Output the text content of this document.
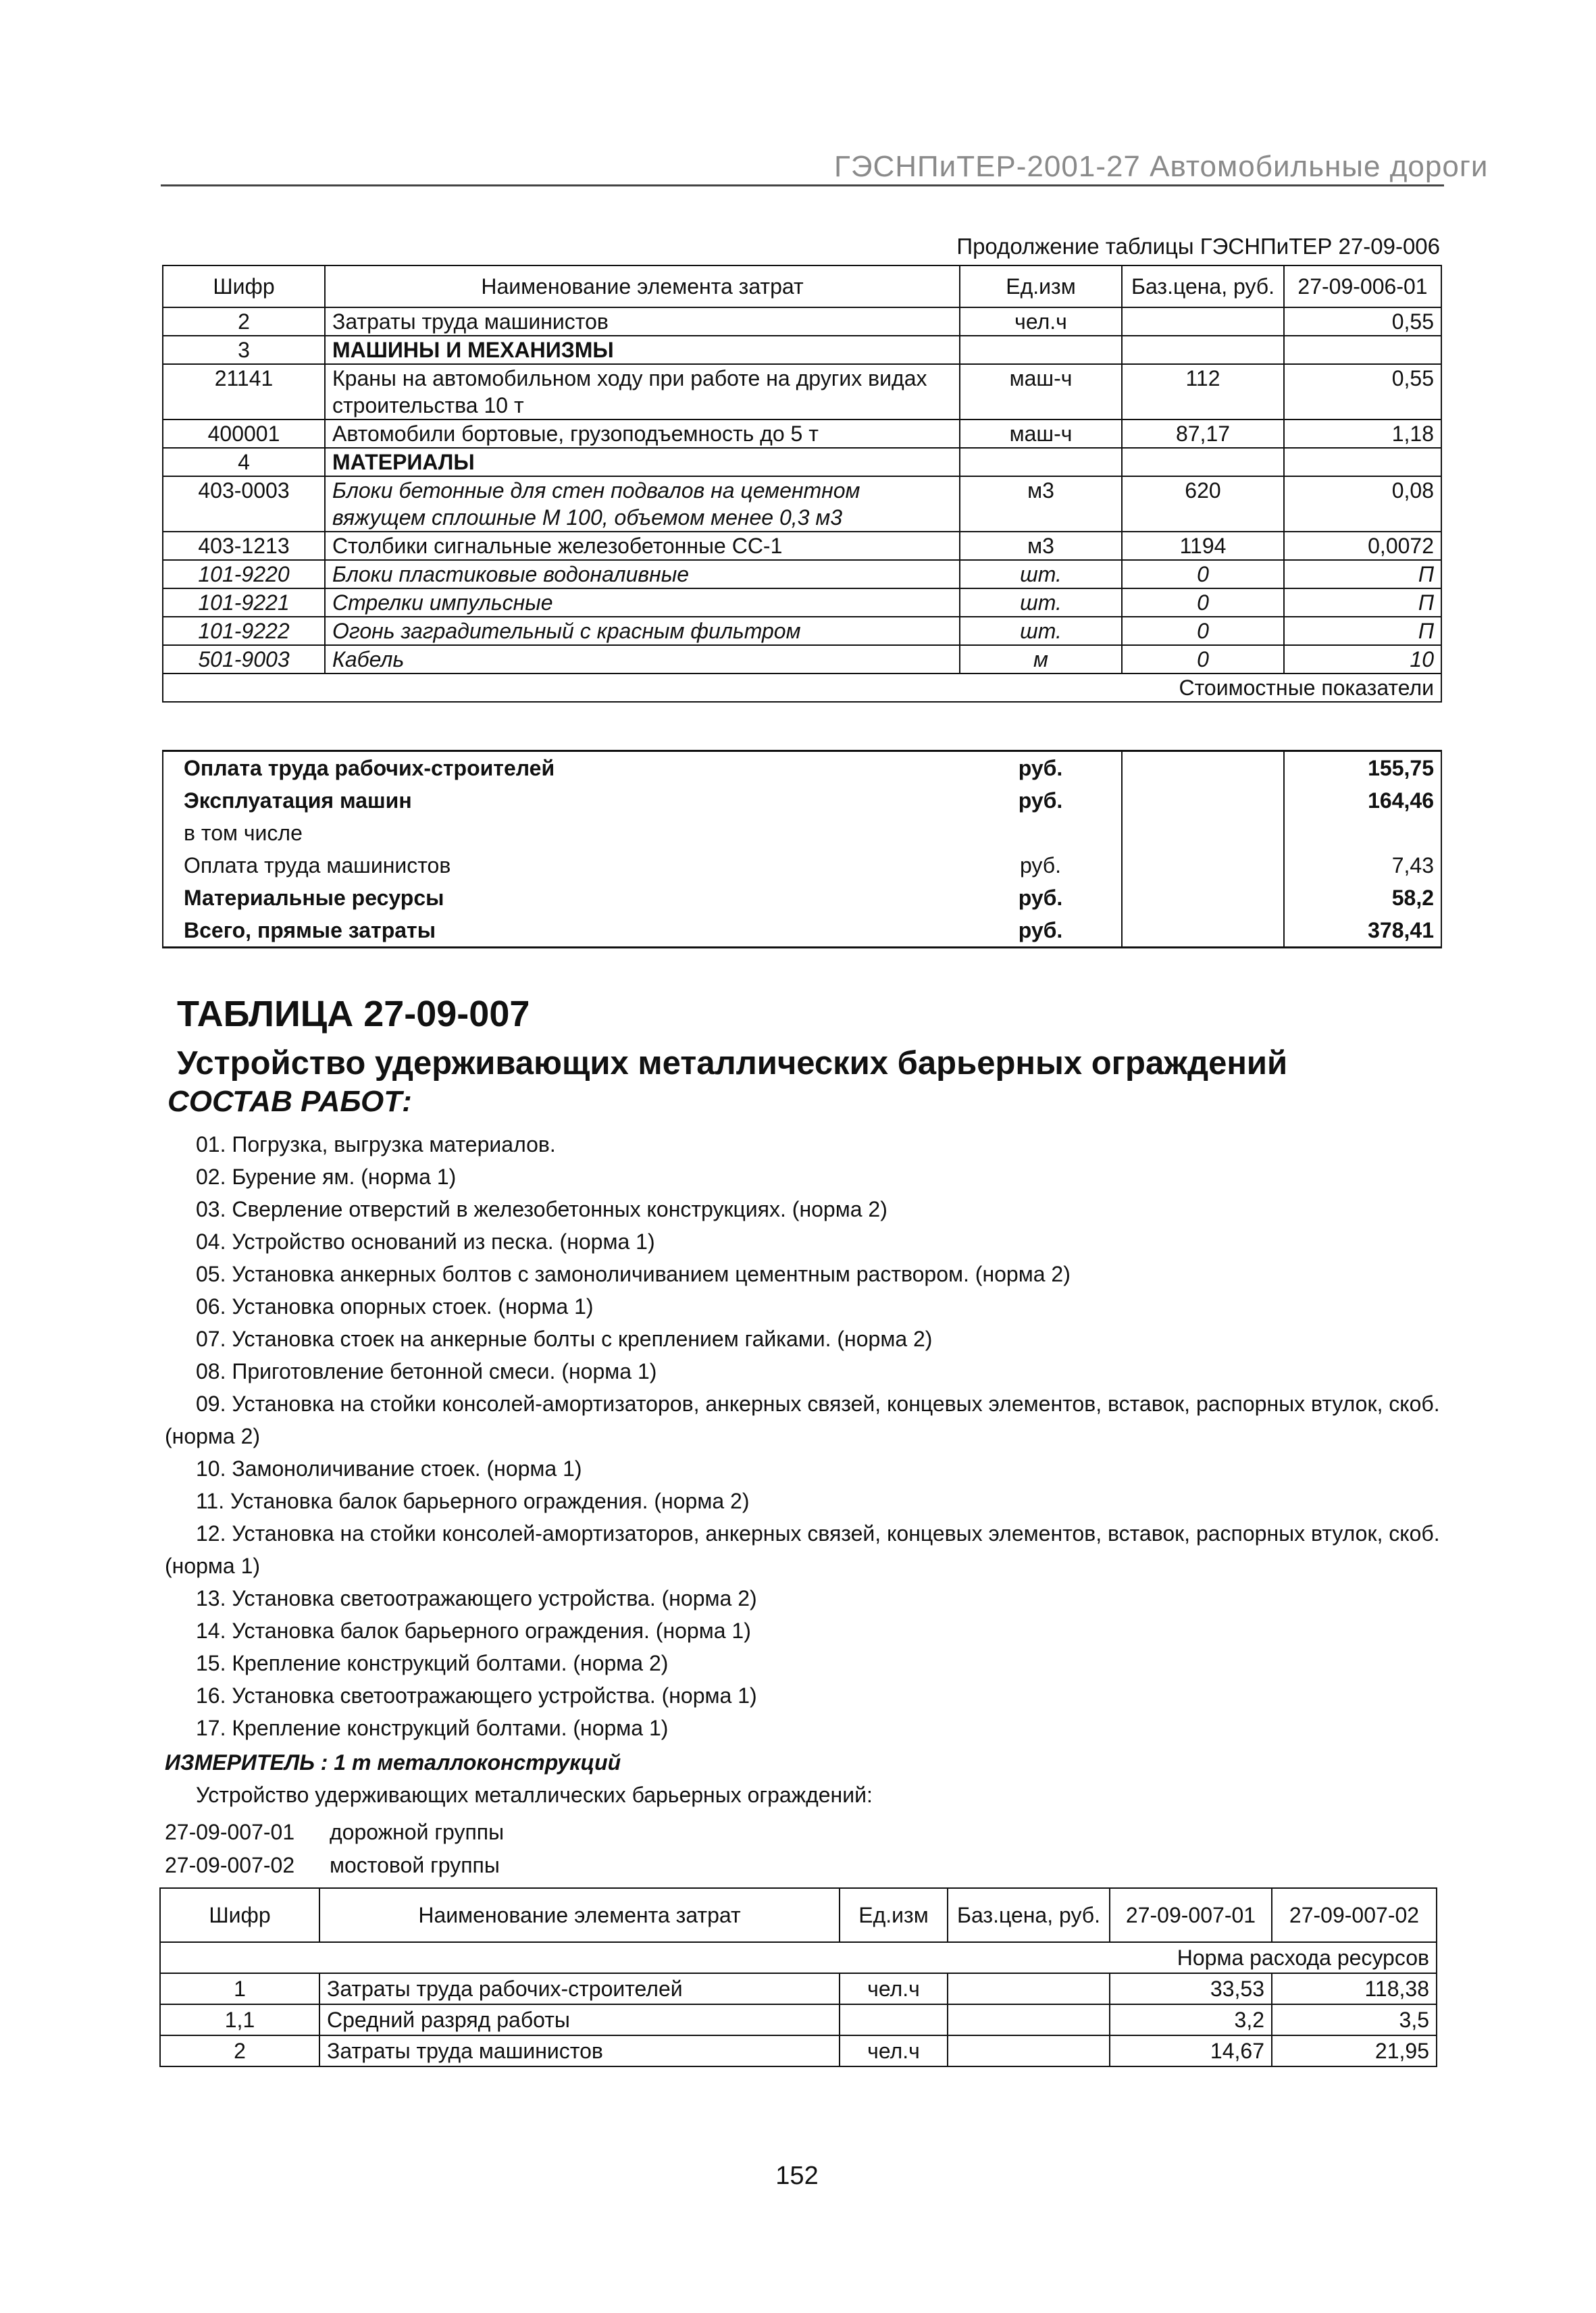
ГЭСНПиТЕР-2001-27 Автомобильные дороги
Продолжение таблицы ГЭСНПиТЕР 27-09-006
Шифр	Наименование элемента затрат	Ед.изм	Баз.цена, руб.	27-09-006-01
2	Затраты труда машинистов	чел.ч		0,55
3	МАШИНЫ И МЕХАНИЗМЫ			
21141	Краны на автомобильном ходу при работе на других видах строительства 10 т	маш-ч	112	0,55
400001	Автомобили бортовые, грузоподъемность до 5 т	маш-ч	87,17	1,18
4	МАТЕРИАЛЫ			
403-0003	Блоки бетонные для стен подвалов на цементном вяжущем сплошные М 100, объемом менее 0,3 м3	м3	620	0,08
403-1213	Столбики сигнальные железобетонные СС-1	м3	1194	0,0072
101-9220	Блоки пластиковые водоналивные	шт.	0	П
101-9221	Стрелки импульсные	шт.	0	П
101-9222	Огонь заградительный с красным фильтром	шт.	0	П
501-9003	Кабель	м	0	10
			Стоимостные показатели	
Оплата труда рабочих-строителей	руб.		155,75
Эксплуатация машин	руб.		164,46
в том числе			
Оплата труда машинистов	руб.		7,43
Материальные ресурсы	руб.		58,2
Всего, прямые затраты	руб.		378,41
ТАБЛИЦА 27-09-007
Устройство удерживающих металлических барьерных ограждений
СОСТАВ РАБОТ:
01. Погрузка, выгрузка материалов.
02. Бурение ям. (норма 1)
03. Сверление отверстий в железобетонных конструкциях. (норма 2)
04. Устройство оснований из песка. (норма 1)
05. Установка анкерных болтов с замоноличиванием цементным раствором. (норма 2)
06. Установка опорных стоек. (норма 1)
07. Установка стоек на анкерные болты с креплением гайками. (норма 2)
08. Приготовление бетонной смеси. (норма 1)
09. Установка на стойки консолей-амортизаторов, анкерных связей, концевых элементов, вставок, распорных втулок, скоб. (норма 2)
10. Замоноличивание стоек. (норма 1)
11. Установка балок барьерного ограждения. (норма 2)
12. Установка на стойки консолей-амортизаторов, анкерных связей, концевых элементов, вставок, распорных втулок, скоб. (норма 1)
13. Установка светоотражающего устройства. (норма 2)
14. Установка балок барьерного ограждения. (норма 1)
15. Крепление конструкций болтами. (норма 2)
16. Установка светоотражающего устройства. (норма 1)
17. Крепление конструкций болтами. (норма 1)
ИЗМЕРИТЕЛЬ : 1 т металлоконструкций
Устройство удерживающих металлических барьерных ограждений:
27-09-007-01 дорожной группы
27-09-007-02 мостовой группы
Шифр	Наименование элемента затрат	Ед.изм	Баз.цена, руб.	27-09-007-01	27-09-007-02
Норма расхода ресурсов					
1	Затраты труда рабочих-строителей	чел.ч		33,53	118,38
1,1	Средний разряд работы			3,2	3,5
2	Затраты труда машинистов	чел.ч		14,67	21,95
152
